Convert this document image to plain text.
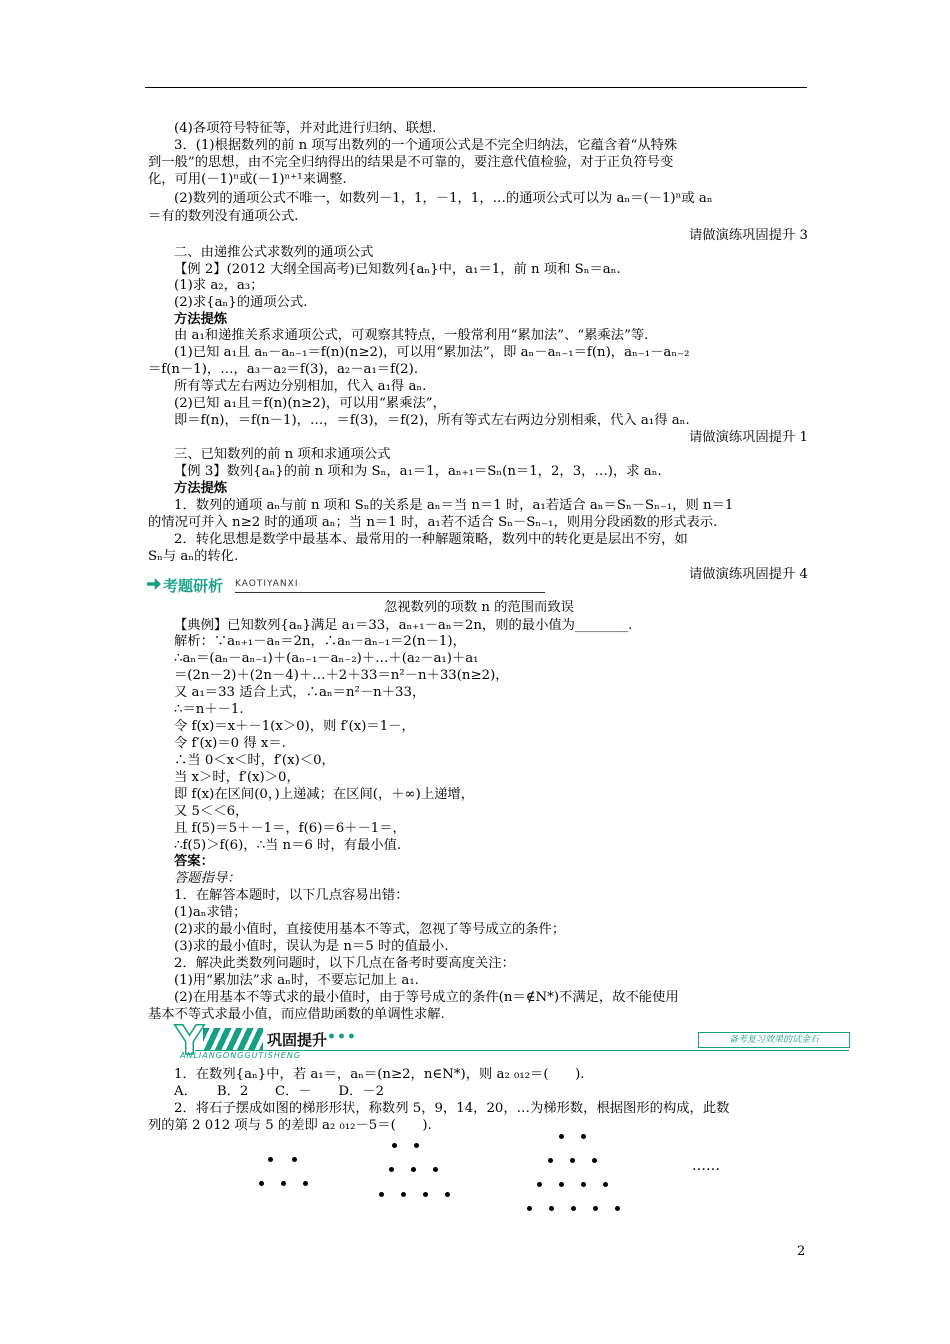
(4)各项符号特征等，并对此进行归纳、联想.
3．(1)根据数列的前 n 项写出数列的一个通项公式是不完全归纳法，它蕴含着“从特殊
到一般”的思想，由不完全归纳得出的结果是不可靠的，要注意代值检验，对于正负符号变
化，可用(－1)ⁿ或(－1)ⁿ⁺¹来调整.
(2)数列的通项公式不唯一，如数列－1，1，－1，1，…的通项公式可以为 aₙ＝(－1)ⁿ或 aₙ
＝有的数列没有通项公式.
二、由递推公式求数列的通项公式
【例 2】(2012 大纲全国高考)已知数列{aₙ}中，a₁＝1，前 n 项和 Sₙ＝aₙ.
(1)求 a₂，a₃；
(2)求{aₙ}的通项公式.
方法提炼
由 a₁和递推关系求通项公式，可观察其特点，一般常利用“累加法”、“累乘法”等.
(1)已知 a₁且 aₙ－aₙ₋₁＝f(n)(n≥2)，可以用“累加法”，即 aₙ－aₙ₋₁＝f(n)，aₙ₋₁－aₙ₋₂
＝f(n－1)，…，a₃－a₂＝f(3)，a₂－a₁＝f(2).
所有等式左右两边分别相加，代入 a₁得 aₙ.
(2)已知 a₁且＝f(n)(n≥2)，可以用“累乘法”，
即＝f(n)，＝f(n－1)，…，＝f(3)，＝f(2)，所有等式左右两边分别相乘，代入 a₁得 aₙ.
三、已知数列的前 n 项和求通项公式
【例 3】数列{aₙ}的前 n 项和为 Sₙ，a₁＝1，aₙ₊₁＝Sₙ(n＝1，2，3，…)，求 aₙ.
方法提炼
1．数列的通项 aₙ与前 n 项和 Sₙ的关系是 aₙ＝当 n＝1 时，a₁若适合 aₙ＝Sₙ－Sₙ₋₁，则 n＝1
的情况可并入 n≥2 时的通项 aₙ；当 n＝1 时，a₁若不适合 Sₙ－Sₙ₋₁，则用分段函数的形式表示.
2．转化思想是数学中最基本、最常用的一种解题策略，数列中的转化更是层出不穷，如
Sₙ与 aₙ的转化.
【典例】已知数列{aₙ}满足 a₁＝33，aₙ₊₁－aₙ＝2n，则的最小值为________.
解析：∵aₙ₊₁－aₙ＝2n，∴aₙ－aₙ₋₁＝2(n－1)，
∴aₙ＝(aₙ－aₙ₋₁)＋(aₙ₋₁－aₙ₋₂)＋…＋(a₂－a₁)＋a₁
＝(2n－2)＋(2n－4)＋…＋2＋33＝n²－n＋33(n≥2)，
又 a₁＝33 适合上式，∴aₙ＝n²－n＋33，
∴＝n＋－1.
令 f(x)＝x＋－1(x＞0)，则 f′(x)＝1－，
令 f′(x)＝0 得 x＝.
∴当 0＜x＜时，f′(x)＜0，
当 x＞时，f′(x)＞0，
即 f(x)在区间(0，)上递减；在区间(，＋∞)上递增，
又 5＜＜6，
且 f(5)＝5＋－1＝，f(6)＝6＋－1＝，
∴f(5)＞f(6)，∴当 n＝6 时，有最小值.
答案：
答题指导：
1．在解答本题时，以下几点容易出错：
(1)aₙ求错；
(2)求的最小值时，直接使用基本不等式，忽视了等号成立的条件；
(3)求的最小值时，误认为是 n＝5 时的值最小.
2．解决此类数列问题时，以下几点在备考时要高度关注：
(1)用“累加法”求 aₙ时，不要忘记加上 a₁.
(2)在用基本不等式求的最小值时，由于等号成立的条件(n＝∉N*)不满足，故不能使用
基本不等式求最小值，而应借助函数的单调性求解.
1．在数列{aₙ}中，若 a₁＝，aₙ＝(n≥2，n∈N*)，则 a₂ ₀₁₂＝(　　).
A．　　B．2　　C．－　　D．－2
2．将石子摆成如图的梯形形状，称数列 5，9，14，20，…为梯形数，根据图形的构成，此数
列的第 2 012 项与 5 的差即 a₂ ₀₁₂－5＝(　　).
请做演练巩固提升 3
请做演练巩固提升 1
请做演练巩固提升 4
考题研析 KAOTIYANXI
忽视数列的项数 n 的范围而致误
Y	巩固提升 •••
ANLIANGONGGUTISHENG
备考复习效果的试金石
……
2
